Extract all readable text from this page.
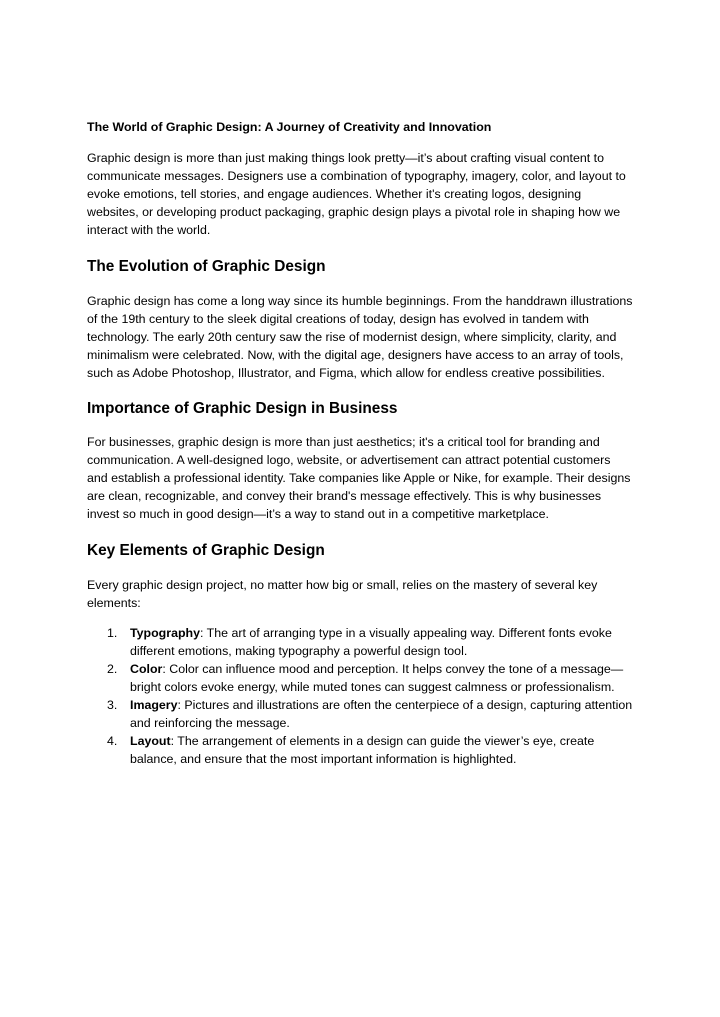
The World of Graphic Design: A Journey of Creativity and Innovation

Graphic design is more than just making things look pretty—it’s about crafting visual content to communicate messages. Designers use a combination of typography, imagery, color, and layout to evoke emotions, tell stories, and engage audiences. Whether it's creating logos, designing websites, or developing product packaging, graphic design plays a pivotal role in shaping how we interact with the world.

The Evolution of Graphic Design

Graphic design has come a long way since its humble beginnings. From the handdrawn illustrations of the 19th century to the sleek digital creations of today, design has evolved in tandem with technology. The early 20th century saw the rise of modernist design, where simplicity, clarity, and minimalism were celebrated. Now, with the digital age, designers have access to an array of tools, such as Adobe Photoshop, Illustrator, and Figma, which allow for endless creative possibilities.

Importance of Graphic Design in Business

For businesses, graphic design is more than just aesthetics; it's a critical tool for branding and communication. A well-designed logo, website, or advertisement can attract potential customers and establish a professional identity. Take companies like Apple or Nike, for example. Their designs are clean, recognizable, and convey their brand's message effectively. This is why businesses invest so much in good design—it’s a way to stand out in a competitive marketplace.

Key Elements of Graphic Design

Every graphic design project, no matter how big or small, relies on the mastery of several key elements:

1. Typography: The art of arranging type in a visually appealing way. Different fonts evoke different emotions, making typography a powerful design tool.
2. Color: Color can influence mood and perception. It helps convey the tone of a message—bright colors evoke energy, while muted tones can suggest calmness or professionalism.
3. Imagery: Pictures and illustrations are often the centerpiece of a design, capturing attention and reinforcing the message.
4. Layout: The arrangement of elements in a design can guide the viewer’s eye, create balance, and ensure that the most important information is highlighted.
